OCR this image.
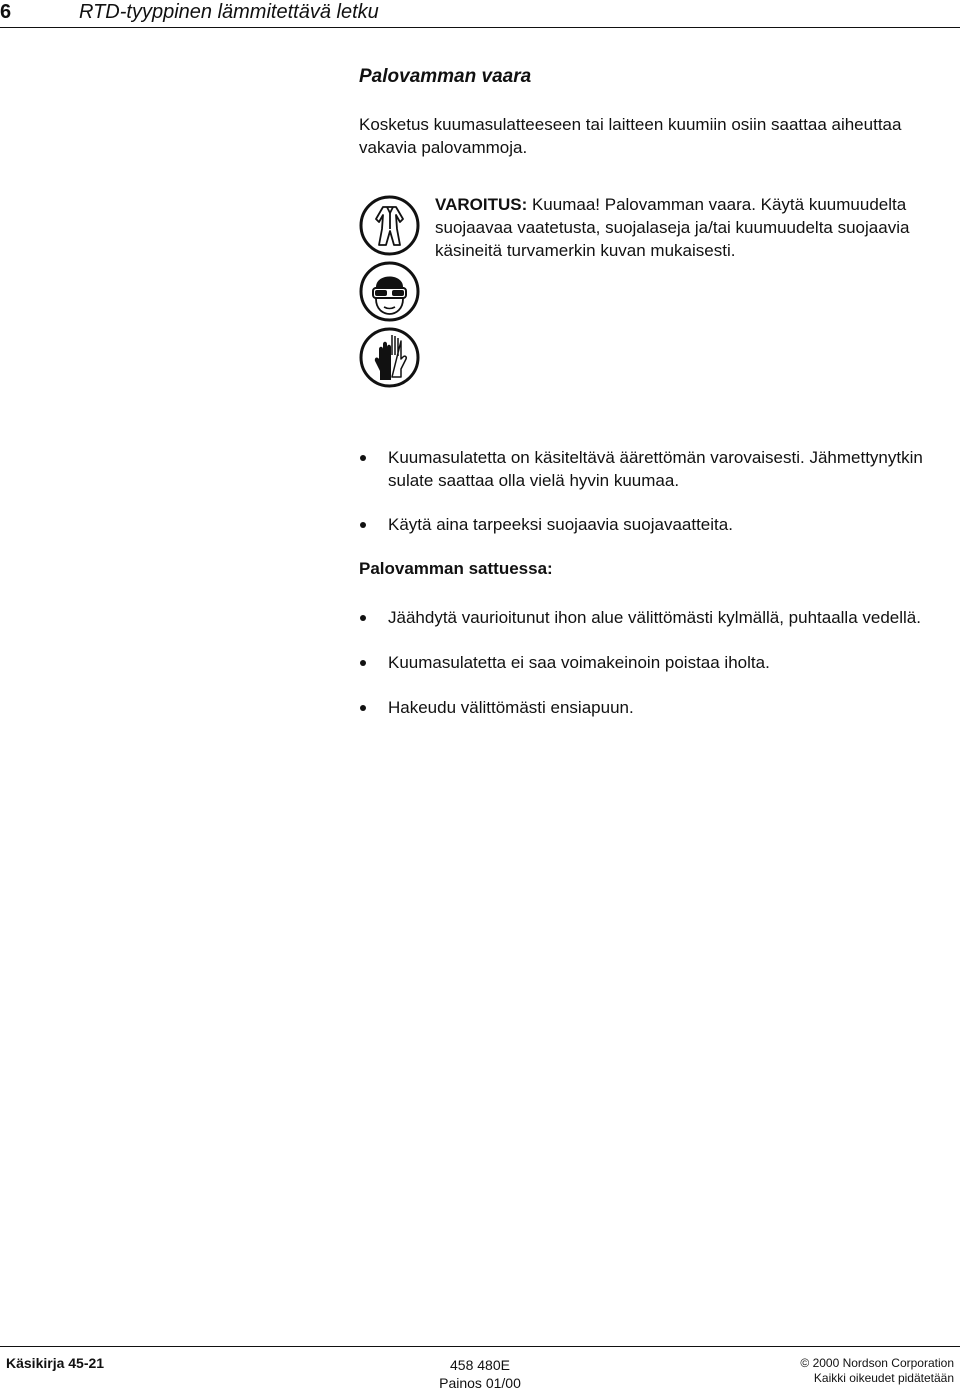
6	RTD-tyyppinen lämmitettävä letku
Palovamman vaara
Kosketus kuumasulatteeseen tai laitteen kuumiin osiin saattaa aiheuttaa vakavia palovammoja.
VAROITUS: Kuumaa! Palovamman vaara. Käytä kuumuudelta suojaavaa vaatetusta, suojalaseja ja/tai kuumuudelta suojaavia käsineitä turvamerkin kuvan mukaisesti.
Kuumasulatetta on käsiteltävä äärettömän varovaisesti. Jähmettynytkin sulate saattaa olla vielä hyvin kuumaa.
Käytä aina tarpeeksi suojaavia suojavaatteita.
Palovamman sattuessa:
Jäähdytä vaurioitunut ihon alue välittömästi kylmällä, puhtaalla vedellä.
Kuumasulatetta ei saa voimakeinoin poistaa iholta.
Hakeudu välittömästi ensiapuun.
Käsikirja 45-21	458 480E
Painos 01/00
© 2000 Nordson Corporation
Kaikki oikeudet pidätetään
